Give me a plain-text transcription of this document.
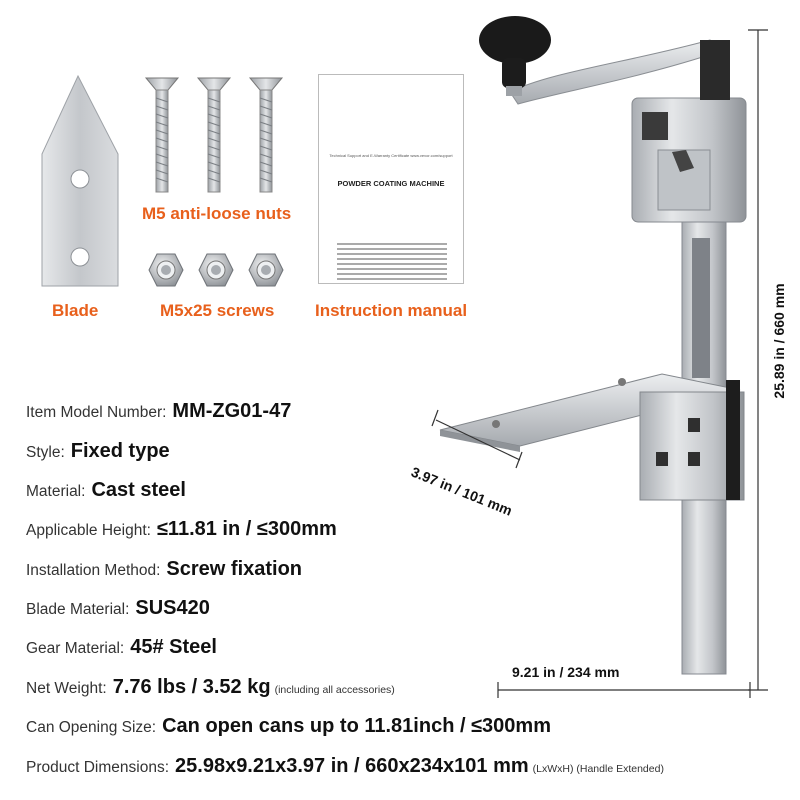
Blade
M5 anti-loose nuts
M5x25 screws
Technical Support and E-Warranty Certificate www.vevor.com/support
POWDER COATING MACHINE
Instruction manual	25.89 in / 660 mm
9.21 in / 234 mm
3.97 in / 101 mm
Item Model Number: MM-ZG01-47
Style: Fixed type
Material: Cast steel
Applicable Height: ≤11.81 in / ≤300mm
Installation Method: Screw fixation
Blade Material: SUS420
Gear Material: 45# Steel
Net Weight: 7.76 lbs / 3.52 kg (including all accessories)
Can Opening Size: Can open cans up to 11.81inch / ≤300mm
Product Dimensions: 25.98x9.21x3.97 in / 660x234x101 mm (LxWxH) (Handle Extended)
